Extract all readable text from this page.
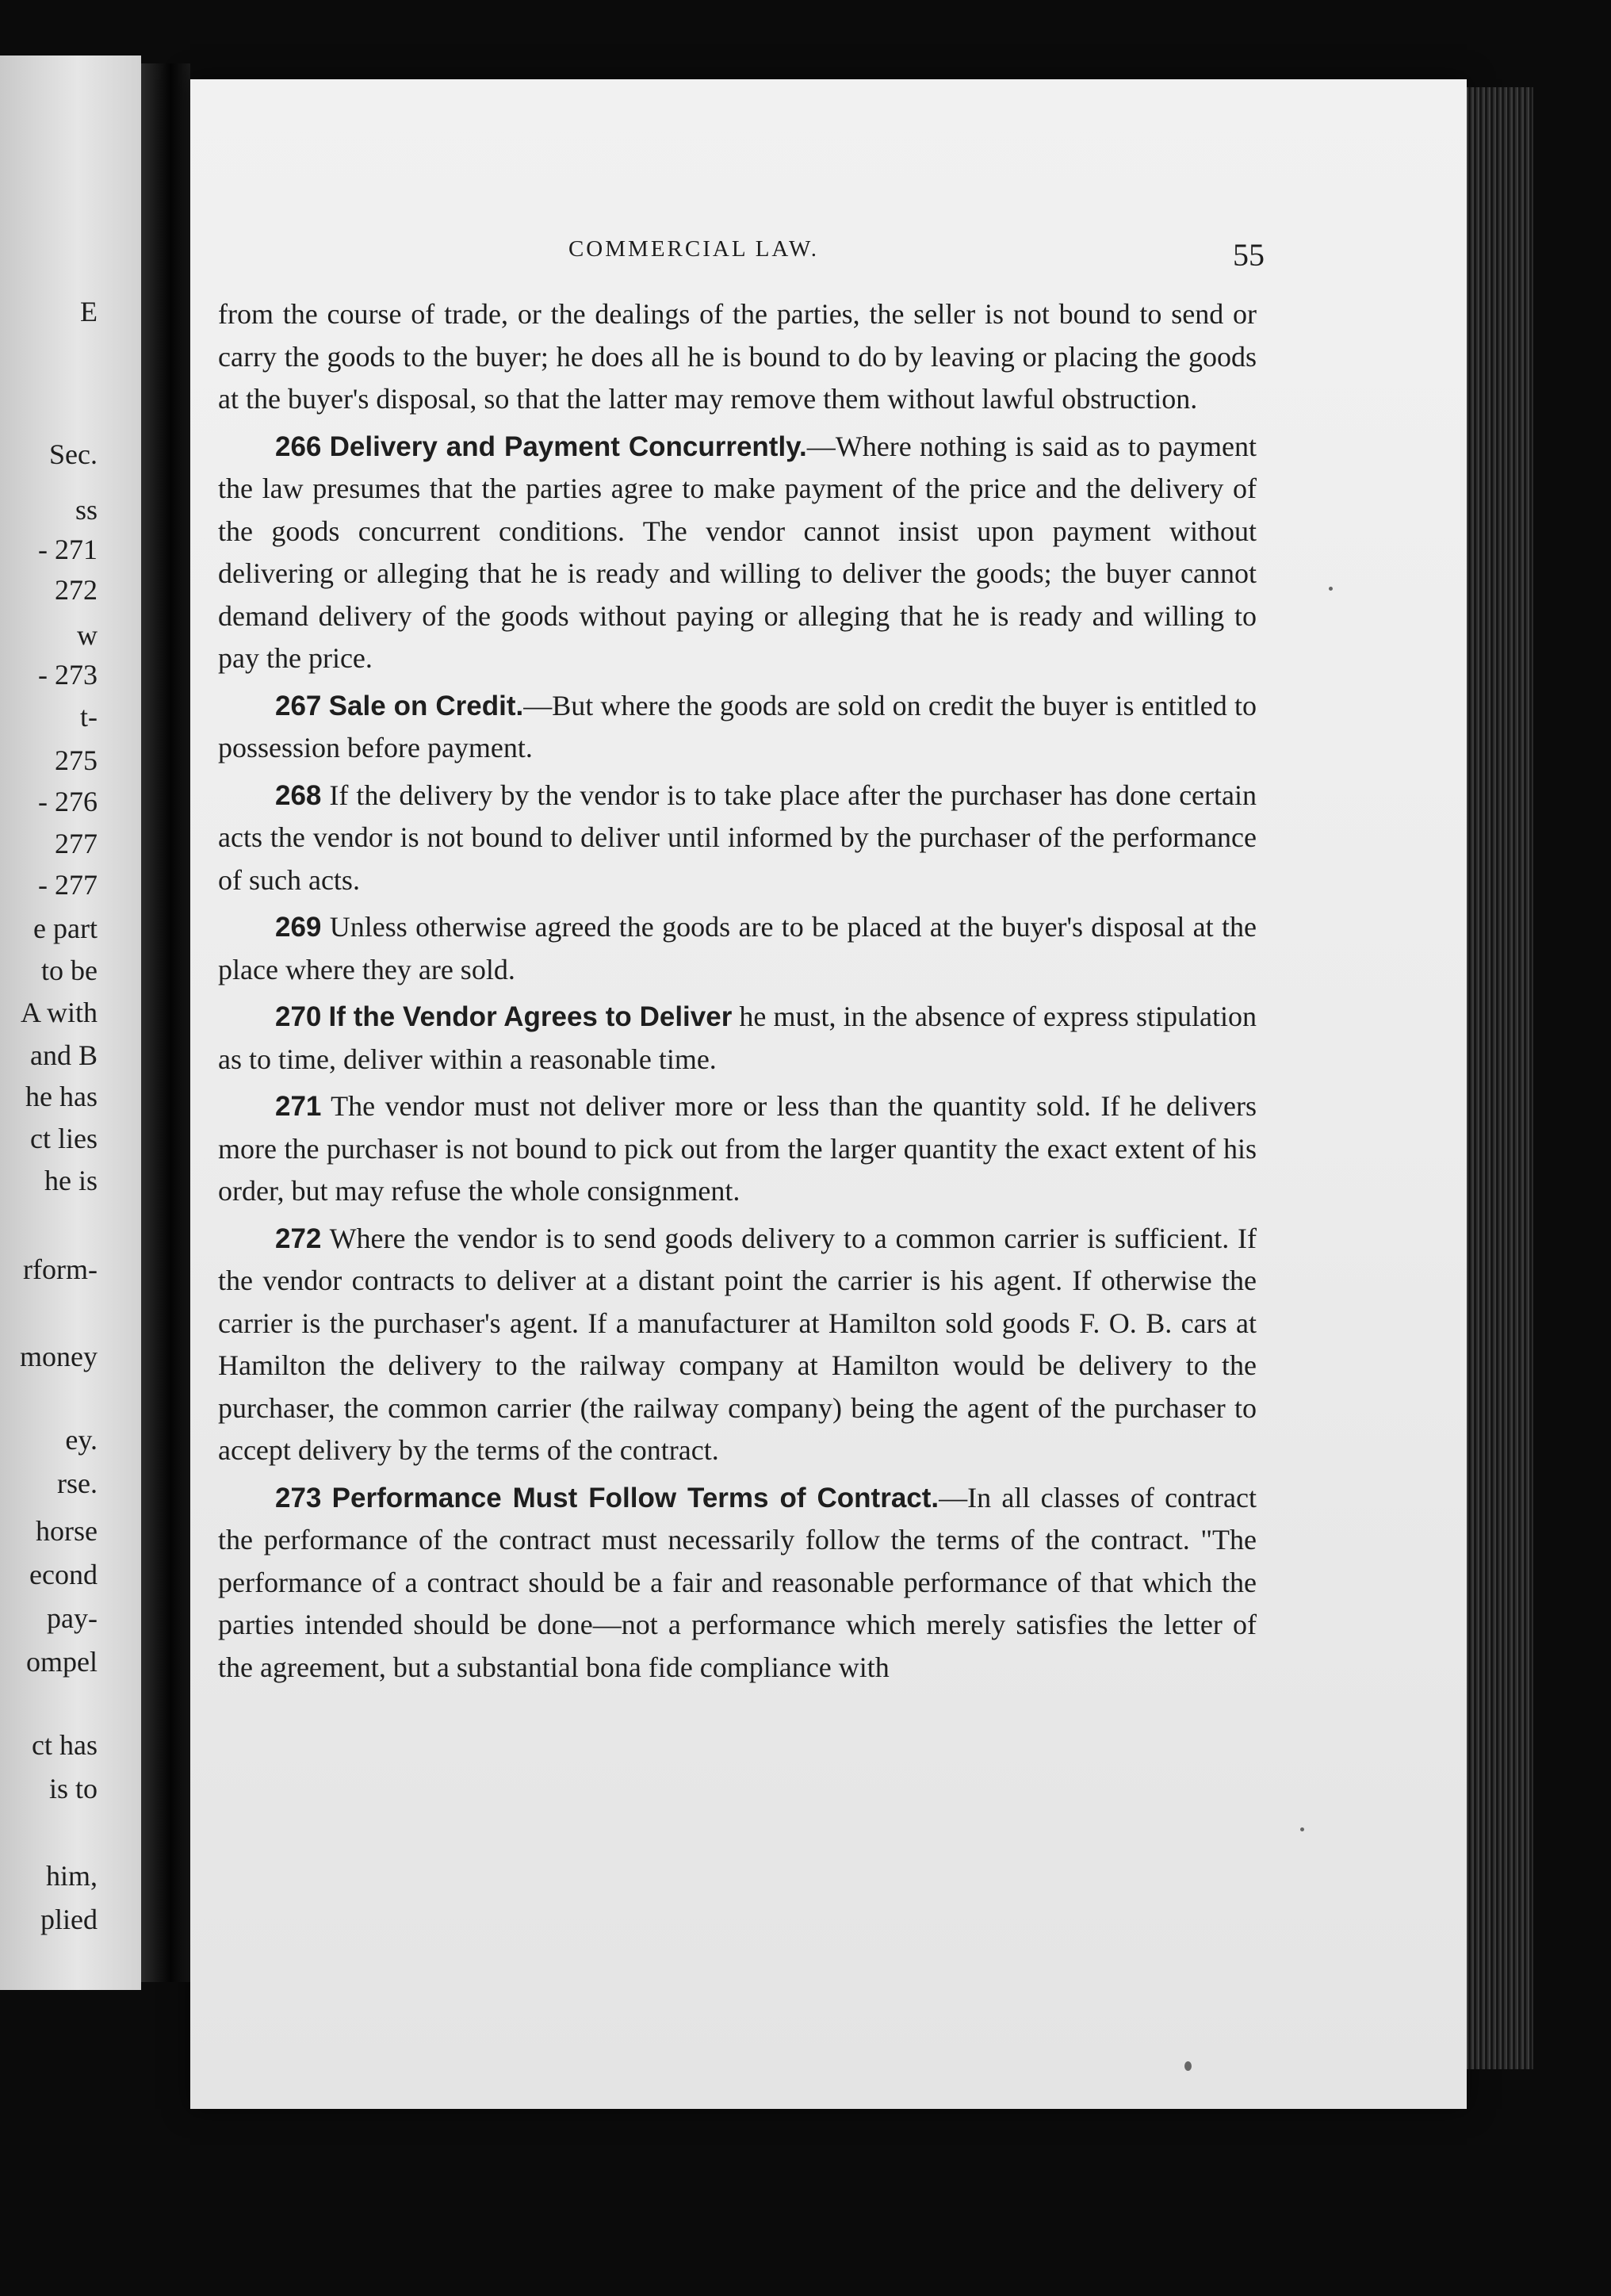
E
Sec.
ss
- 271
272
w
- 273
t-
275
- 276
277
- 277
e part
to be
A with
and B
he has
ct lies
he is
rform-
money
ey.
rse.
horse
econd
pay-
ompel
ct has
is to
him,
plied
COMMERCIAL LAW.	55

from the course of trade, or the dealings of the parties, the seller is not bound to send or carry the goods to the buyer; he does all he is bound to do by leaving or placing the goods at the buyer's disposal, so that the latter may remove them without lawful obstruction.

266 Delivery and Payment Concurrently.—Where nothing is said as to payment the law presumes that the parties agree to make payment of the price and the delivery of the goods concurrent conditions. The vendor cannot insist upon payment without delivering or alleging that he is ready and willing to deliver the goods; the buyer cannot demand delivery of the goods without paying or alleging that he is ready and willing to pay the price.

267 Sale on Credit.—But where the goods are sold on credit the buyer is entitled to possession before payment.

268 If the delivery by the vendor is to take place after the purchaser has done certain acts the vendor is not bound to deliver until informed by the purchaser of the performance of such acts.

269 Unless otherwise agreed the goods are to be placed at the buyer's disposal at the place where they are sold.

270 If the Vendor Agrees to Deliver he must, in the absence of express stipulation as to time, deliver within a reasonable time.

271 The vendor must not deliver more or less than the quantity sold. If he delivers more the purchaser is not bound to pick out from the larger quantity the exact extent of his order, but may refuse the whole consignment.

272 Where the vendor is to send goods delivery to a common carrier is sufficient. If the vendor contracts to deliver at a distant point the carrier is his agent. If otherwise the carrier is the purchaser's agent. If a manufacturer at Hamilton sold goods F. O. B. cars at Hamilton the delivery to the railway company at Hamilton would be delivery to the purchaser, the common carrier (the railway company) being the agent of the purchaser to accept delivery by the terms of the contract.

273 Performance Must Follow Terms of Contract.—In all classes of contract the performance of the contract must necessarily follow the terms of the contract. "The performance of a contract should be a fair and reasonable performance of that which the parties intended should be done—not a performance which merely satisfies the letter of the agreement, but a substantial bona fide compliance with
